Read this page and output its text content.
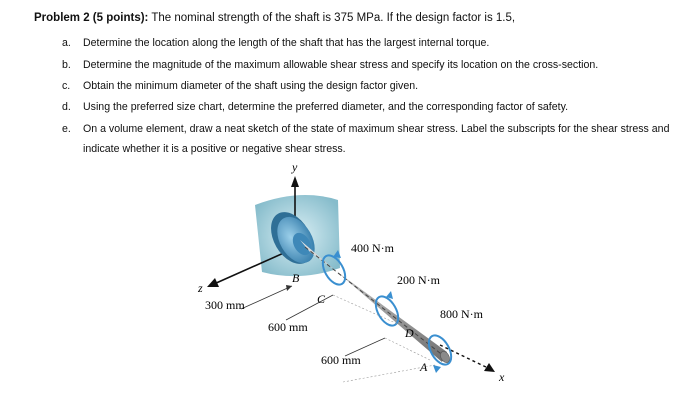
Problem 2 (5 points): The nominal strength of the shaft is 375 MPa. If the design factor is 1.5,
a. Determine the location along the length of the shaft that has the largest internal torque.
b. Determine the magnitude of the maximum allowable shear stress and specify its location on the cross-section.
c. Obtain the minimum diameter of the shaft using the design factor given.
d. Using the preferred size chart, determine the preferred diameter, and the corresponding factor of safety.
e. On a volume element, draw a neat sketch of the state of maximum shear stress. Label the subscripts for the shear stress and
indicate whether it is a positive or negative shear stress.
y
z
x
B
C
D
A
400 N·m
200 N·m
800 N·m
300 mm
600 mm
600 mm
